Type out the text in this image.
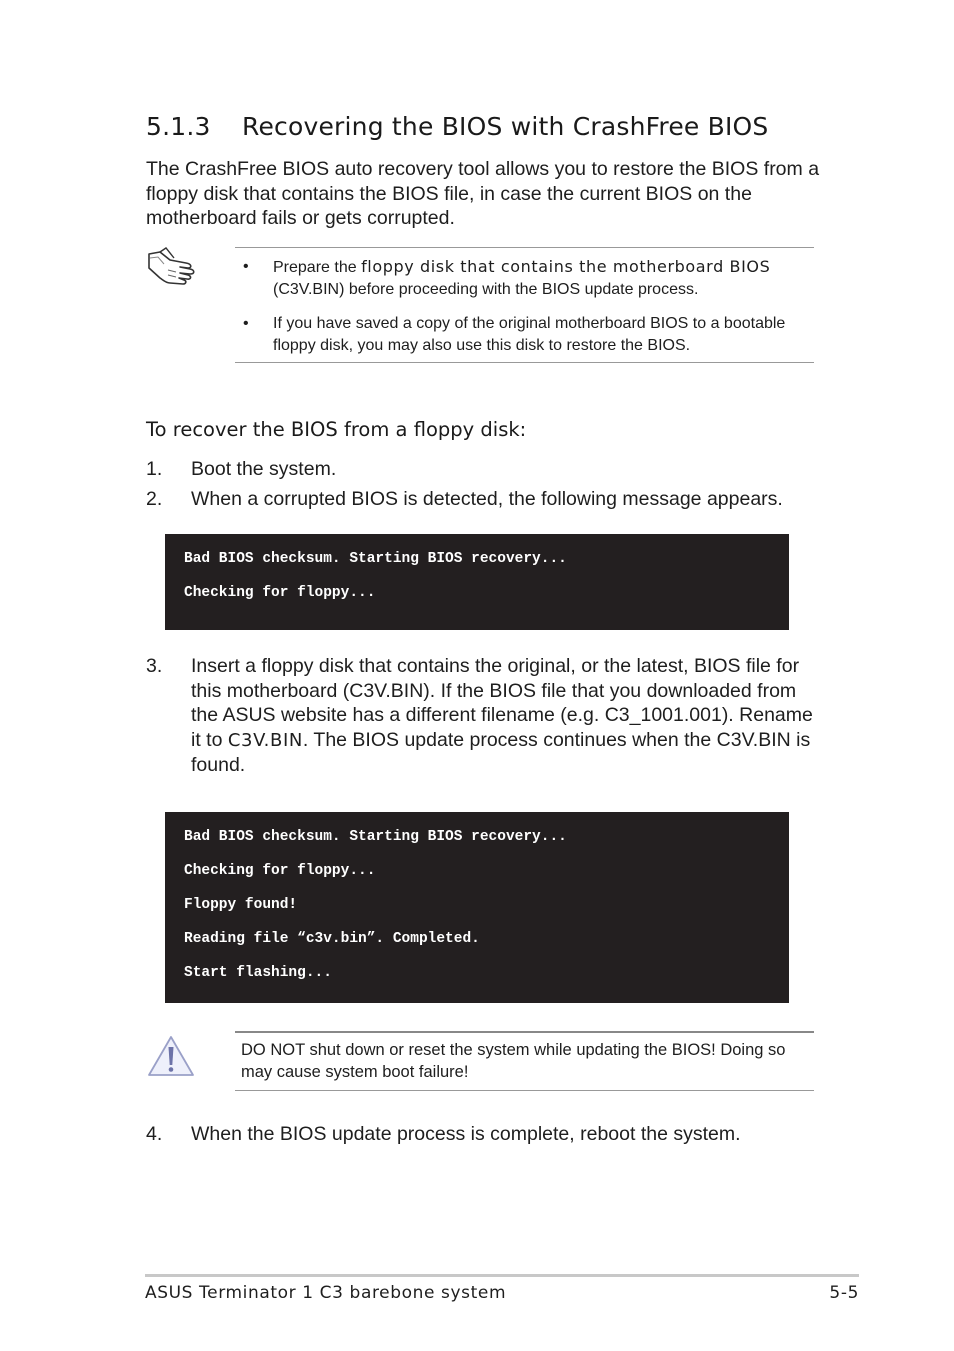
5.1.3 Recovering the BIOS with CrashFree BIOS
The CrashFree BIOS auto recovery tool allows you to restore the BIOS from a floppy disk that contains the BIOS file, in case the current BIOS on the motherboard fails or gets corrupted.
• Prepare the floppy disk that contains the motherboard BIOS (C3V.BIN) before proceeding with the BIOS update process.
• If you have saved a copy of the original motherboard BIOS to a bootable floppy disk, you may also use this disk to restore the BIOS.
To recover the BIOS from a floppy disk:
1. Boot the system.
2. When a corrupted BIOS is detected, the following message appears.
Bad BIOS checksum. Starting BIOS recovery...
Checking for floppy...
3. Insert a floppy disk that contains the original, or the latest, BIOS file for this motherboard (C3V.BIN). If the BIOS file that you downloaded from the ASUS website has a different filename (e.g. C3_1001.001). Rename it to C3V.BIN. The BIOS update process continues when the C3V.BIN is found.
Bad BIOS checksum. Starting BIOS recovery...
Checking for floppy...
Floppy found!
Reading file “c3v.bin”. Completed.
Start flashing...
DO NOT shut down or reset the system while updating the BIOS! Doing so may cause system boot failure!
4. When the BIOS update process is complete, reboot the system.
ASUS Terminator 1 C3 barebone system	5-5
